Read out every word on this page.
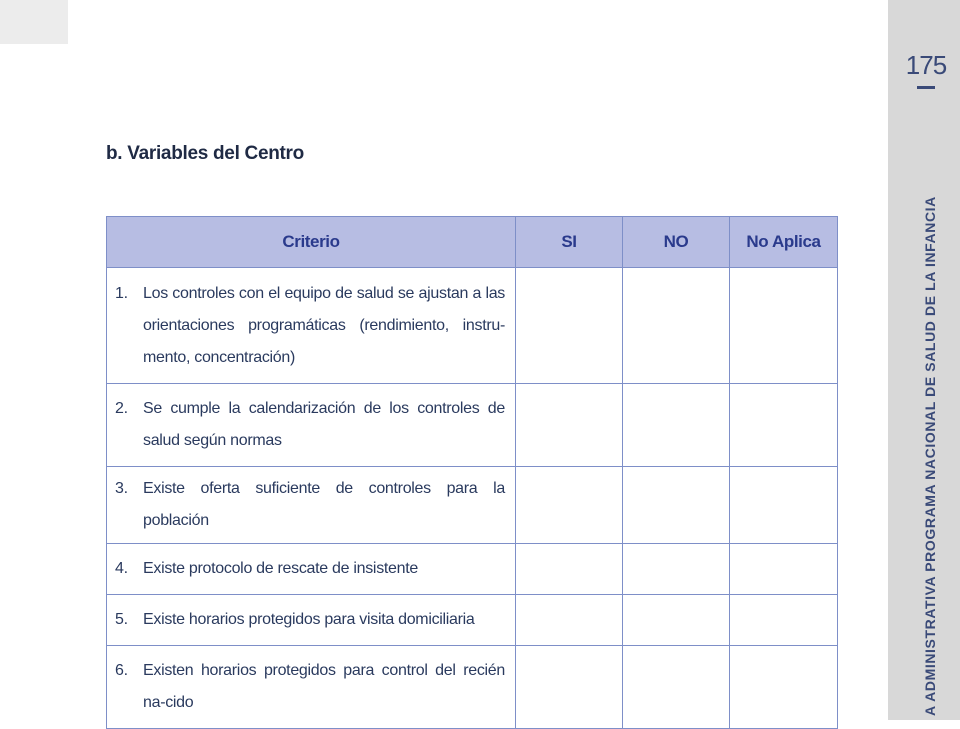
175
A ADMINISTRATIVA PROGRAMA NACIONAL DE SALUD DE LA INFANCIA
b. Variables del Centro
Criterio	SI	NO	No Aplica

1. Los controles con el equipo de salud se ajustan a las orientaciones programáticas (rendimiento, instru-mento, concentración)			

2. Se cumple la calendarización de los controles de salud según normas			

3. Existe oferta suficiente de controles para la población			

4. Existe protocolo de rescate de insistente			

5. Existe horarios protegidos para visita domiciliaria			

6. Existen horarios protegidos para control del recién na-cido			
